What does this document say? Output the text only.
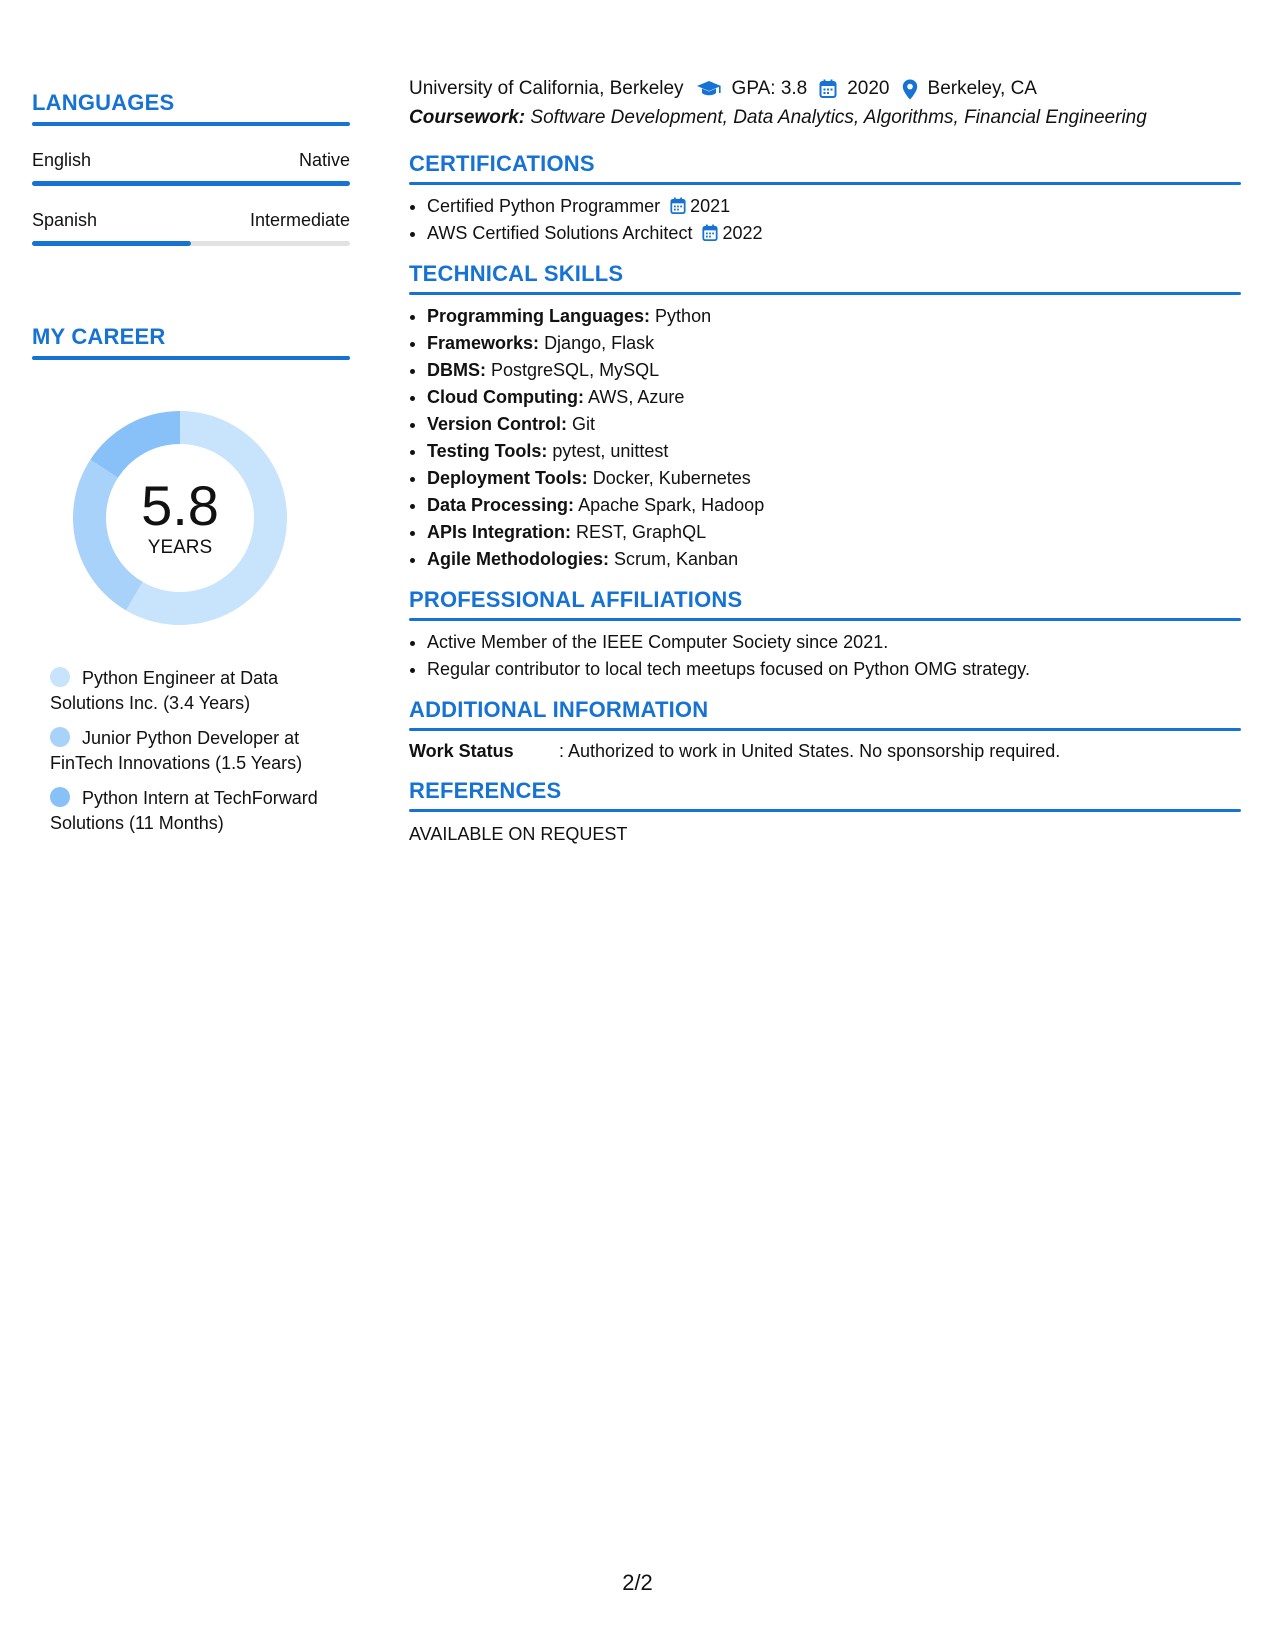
LANGUAGES
English	Native
Spanish	Intermediate
MY CAREER
5.8
YEARS
Python Engineer at Data Solutions Inc. (3.4 Years)
Junior Python Developer at FinTech Innovations (1.5 Years)
Python Intern at TechForward Solutions (11 Months)
University of California, Berkeley	GPA: 3.8 2020 Berkeley, CA
Coursework: Software Development, Data Analytics, Algorithms, Financial Engineering
CERTIFICATIONS
• Certified Python Programmer 2021
• AWS Certified Solutions Architect 2022
TECHNICAL SKILLS
• Programming Languages: Python
• Frameworks: Django, Flask
• DBMS: PostgreSQL, MySQL
• Cloud Computing: AWS, Azure
• Version Control: Git
• Testing Tools: pytest, unittest
• Deployment Tools: Docker, Kubernetes
• Data Processing: Apache Spark, Hadoop
• APIs Integration: REST, GraphQL
• Agile Methodologies: Scrum, Kanban
PROFESSIONAL AFFILIATIONS
• Active Member of the IEEE Computer Society since 2021.
• Regular contributor to local tech meetups focused on Python OMG strategy.
ADDITIONAL INFORMATION
Work Status	: Authorized to work in United States. No sponsorship required.
REFERENCES
AVAILABLE ON REQUEST
2/2
